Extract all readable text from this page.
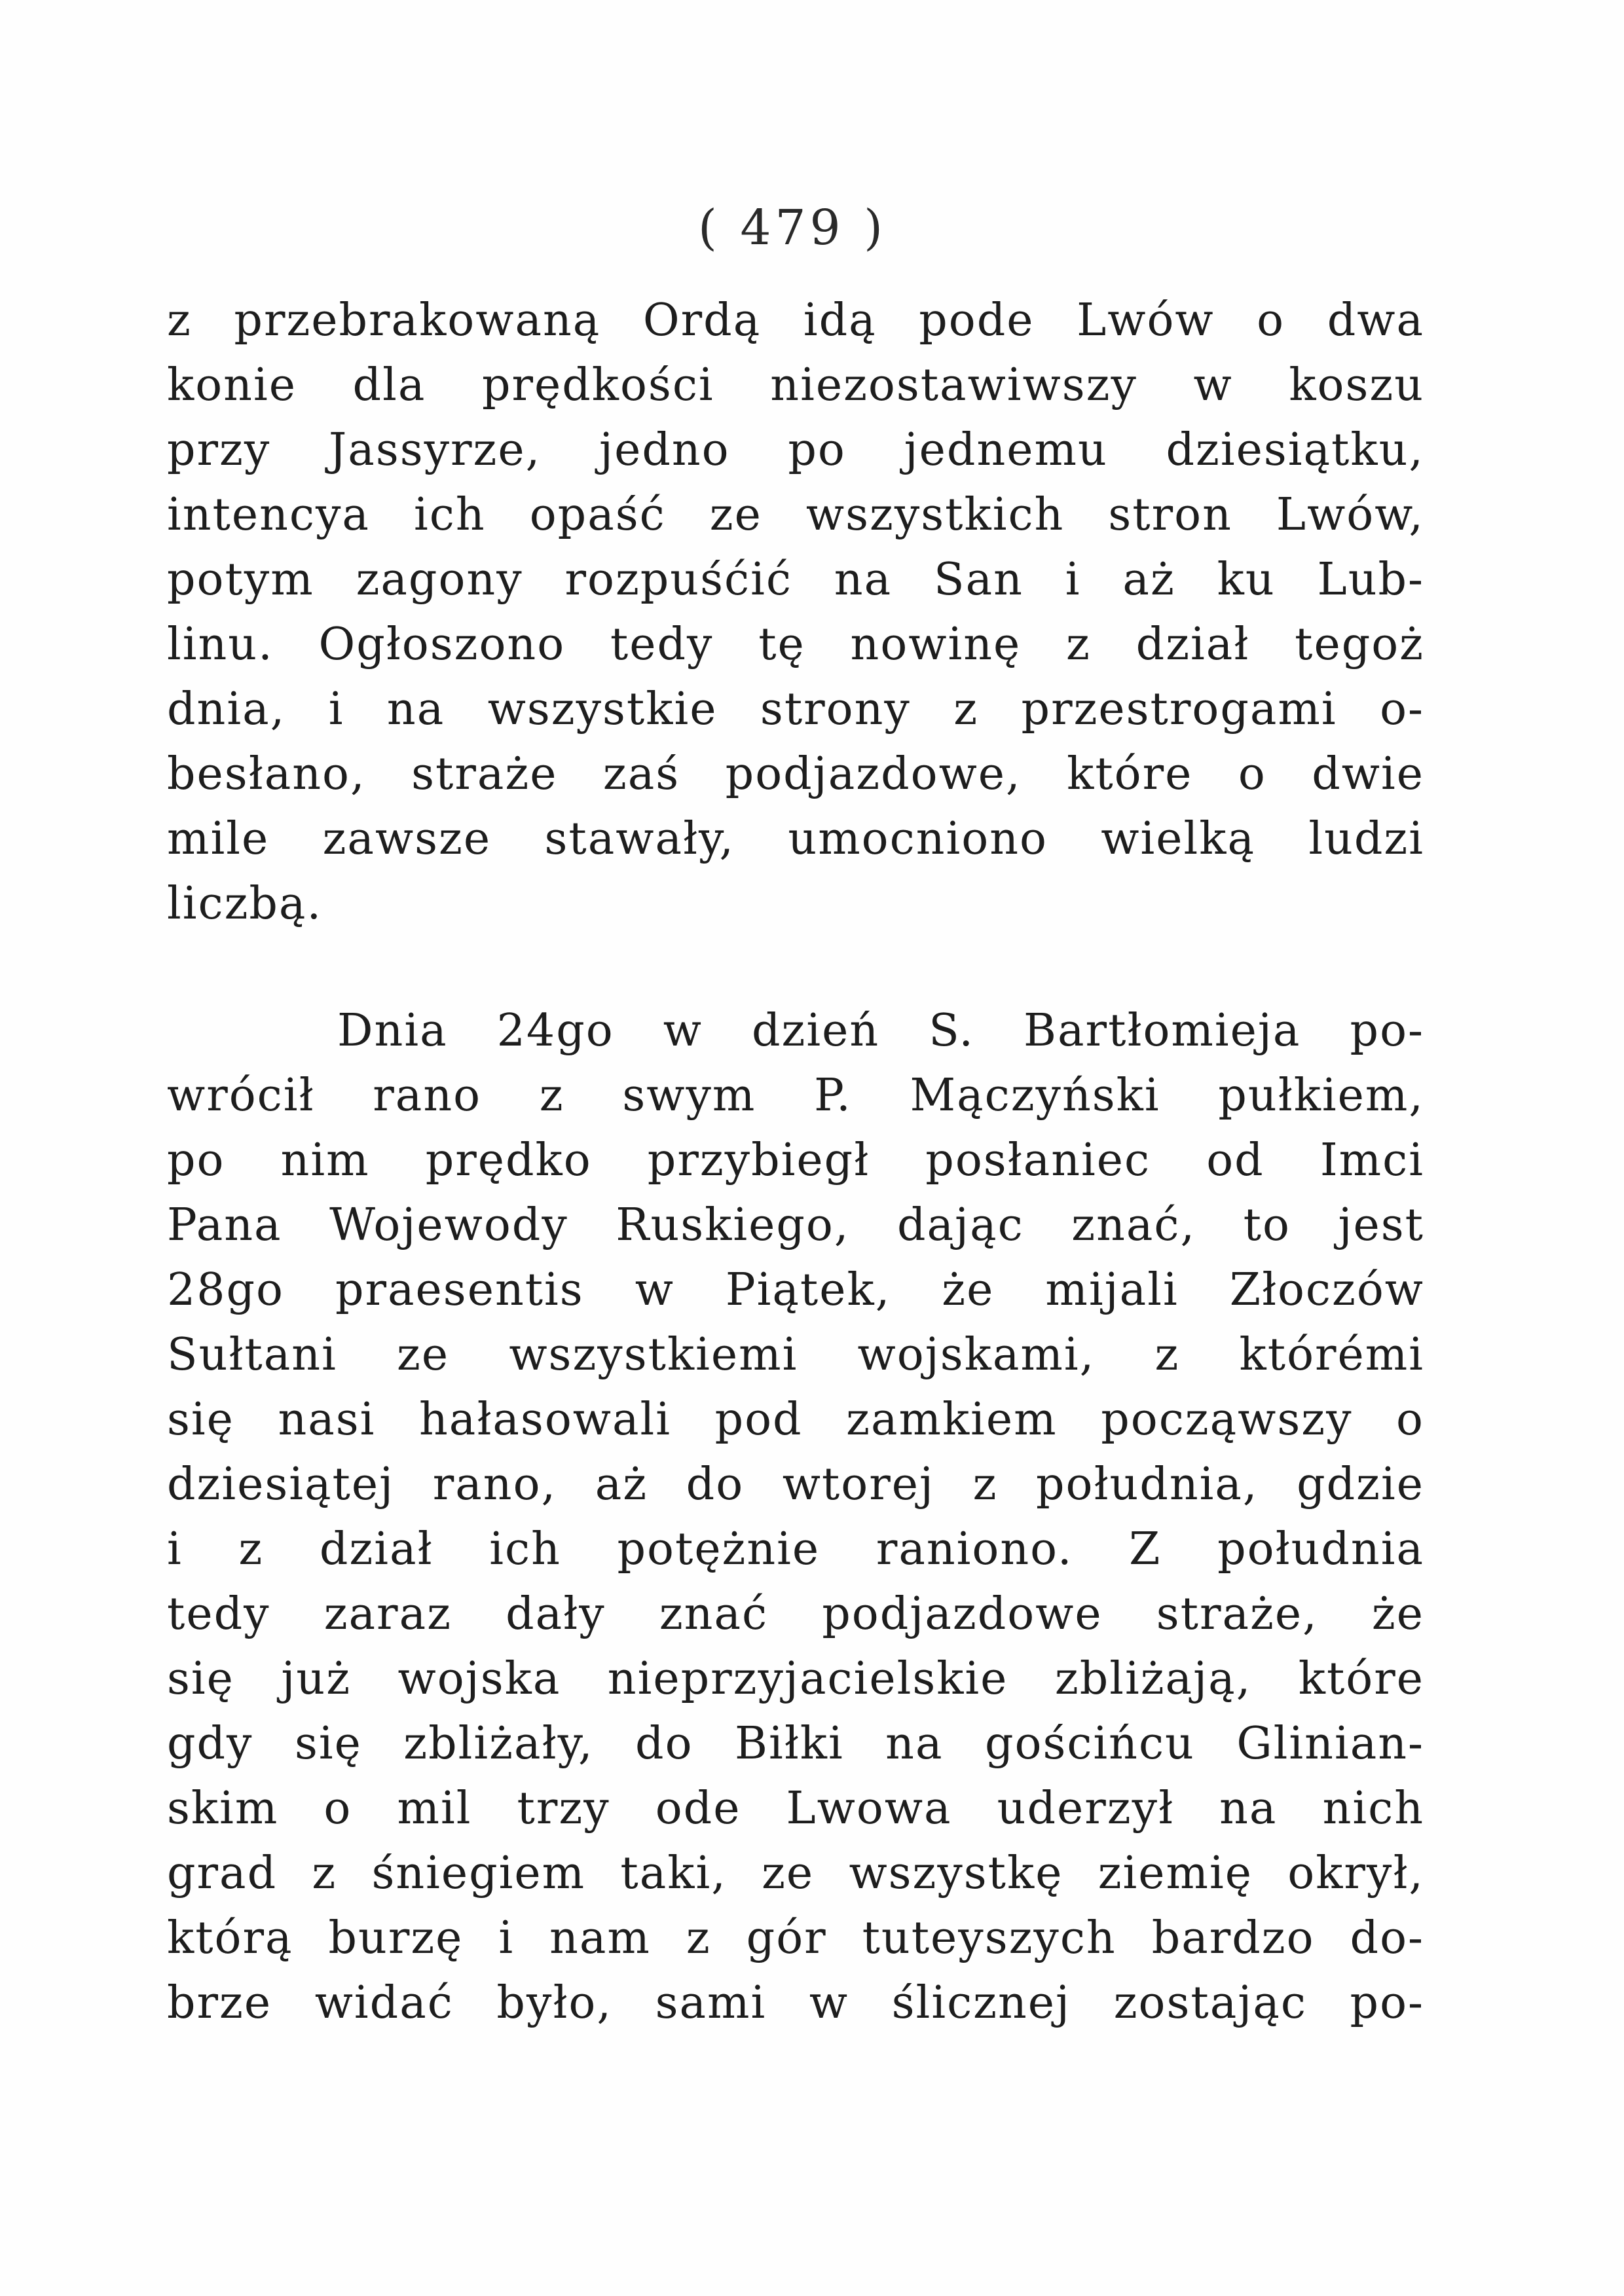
( 479 )
z przebrakowaną Ordą idą pode Lwów o dwa
konie dla prędkości niezostawiwszy w koszu
przy Jassyrze, jedno po jednemu dziesiątku,
intencya ich opaść ze wszystkich stron Lwów,
potym zagony rozpuśćić na San i aż ku Lub-
linu. Ogłoszono tedy tę nowinę z dział tegoż
dnia, i na wszystkie strony z przestrogami o-
besłano, straże zaś podjazdowe, które o dwie
mile zawsze stawały, umocniono wielką ludzi
liczbą.
Dnia 24go w dzień S. Bartłomieja po-
wrócił rano z swym P. Mączyński pułkiem,
po nim prędko przybiegł posłaniec od Imci
Pana Wojewody Ruskiego, dając znać, to jest
28go praesentis w Piątek, że mijali Złoczów
Sułtani ze wszystkiemi wojskami, z którémi
się nasi hałasowali pod zamkiem począwszy o
dziesiątej rano, aż do wtorej z południa, gdzie
i z dział ich potężnie raniono. Z południa
tedy zaraz dały znać podjazdowe straże, że
się już wojska nieprzyjacielskie zbliżają, które
gdy się zbliżały, do Biłki na gościńcu Glinian-
skim o mil trzy ode Lwowa uderzył na nich
grad z śniegiem taki, ze wszystkę ziemię okrył,
którą burzę i nam z gór tuteyszych bardzo do-
brze widać było, sami w ślicznej zostając po-
